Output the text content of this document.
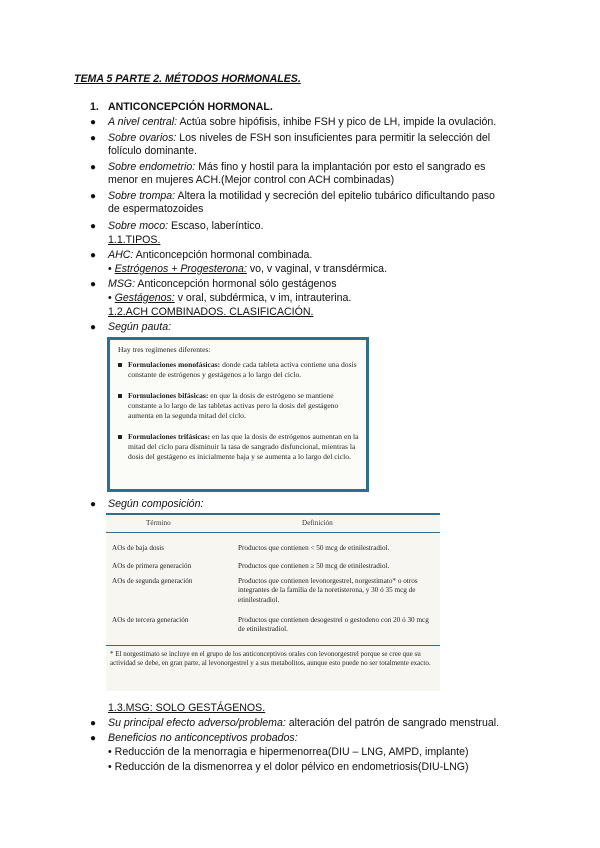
TEMA 5 PARTE 2. MÉTODOS HORMONALES.
1. ANTICONCEPCIÓN HORMONAL.
● A nivel central: Actúa sobre hipófisis, inhibe FSH y pico de LH, impide la ovulación.
● Sobre ovarios: Los niveles de FSH son insuficientes para permitir la selección del
folículo dominante.
● Sobre endometrio: Más fino y hostil para la implantación por esto el sangrado es
menor en mujeres ACH.(Mejor control con ACH combinadas)
● Sobre trompa: Altera la motilidad y secreción del epitelio tubárico dificultando paso
de espermatozoides
● Sobre moco: Escaso, laberíntico.
1.1.TIPOS.
● AHC: Anticoncepción hormonal combinada.
• Estrógenos + Progesterona: vo, v vaginal, v transdérmica.
● MSG: Anticoncepción hormonal sólo gestágenos
• Gestágenos: v oral, subdérmica, v im, intrauterina.
1.2.ACH COMBINADOS. CLASIFICACIÓN.
● Según pauta:
Hay tres regímenes diferentes:
Formulaciones monofásicas: donde cada tableta activa contiene una dosis constante de estrógenos y gestágenos a lo largo del ciclo.
Formulaciones bifásicas: en que la dosis de estrógeno se mantiene constante a lo largo de las tabletas activas pero la dosis del gestágeno aumenta en la segunda mitad del ciclo.
Formulaciones trifásicas: en las que la dosis de estrógenos aumentan en la mitad del ciclo para disminuir la tasa de sangrado disfuncional, mientras la dosis del gestágeno es inicialmente baja y se aumenta a lo largo del ciclo.
● Según composición:
Término	Definición
AOs de baja dosis	Productos que contienen < 50 mcg de etinilestradiol.
AOs de primera generación	Productos que contienen ≥ 50 mcg de etinilestradiol.
AOs de segunda generación	Productos que contienen levonorgestrel, norgestimato* o otros integrantes de la familia de la noretisterona, y 30 ó 35 mcg de etinilestradiol.
AOs de tercera generación	Productos que contienen desogestrel o gestodeno con 20 ó 30 mcg de etinilestradiol.
* El norgestimato se incluye en el grupo de los anticonceptivos orales con levonorgestrel porque se cree que su actividad se debe, en gran parte, al levonorgestrel y a sus metabolitos, aunque esto puede no ser totalmente exacto.
1.3.MSG: SOLO GESTÁGENOS.
● Su principal efecto adverso/problema: alteración del patrón de sangrado menstrual.
● Beneficios no anticonceptivos probados:
• Reducción de la menorragia e hipermenorrea(DIU – LNG, AMPD, implante)
• Reducción de la dismenorrea y el dolor pélvico en endometriosis(DIU-LNG)
